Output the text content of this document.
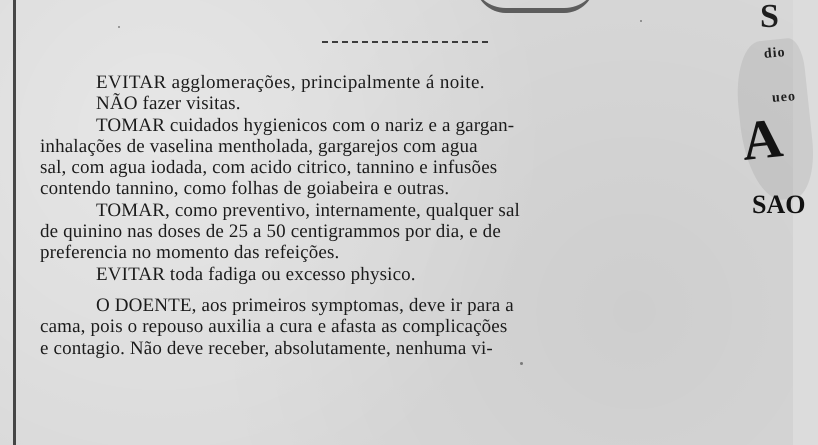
EVITAR agglomerações, principalmente á noite.
NÃO fazer visitas.
TOMAR cuidados hygienicos com o nariz e a gargan-
inhalações de vaselina mentholada, gargarejos com agua
sal, com agua iodada, com acido citrico, tannino e infusões
contendo tannino, como folhas de goiabeira e outras.
TOMAR, como preventivo, internamente, qualquer sal
de quinino nas doses de 25 a 50 centigrammos por dia, e de
preferencia no momento das refeições.
EVITAR toda fadiga ou excesso physico.
O DOENTE, aos primeiros symptomas, deve ir para a
cama, pois o repouso auxilia a cura e afasta as complicações
e contagio. Não deve receber, absolutamente, nenhuma vi-
S
dio
ueo
A
SAO
